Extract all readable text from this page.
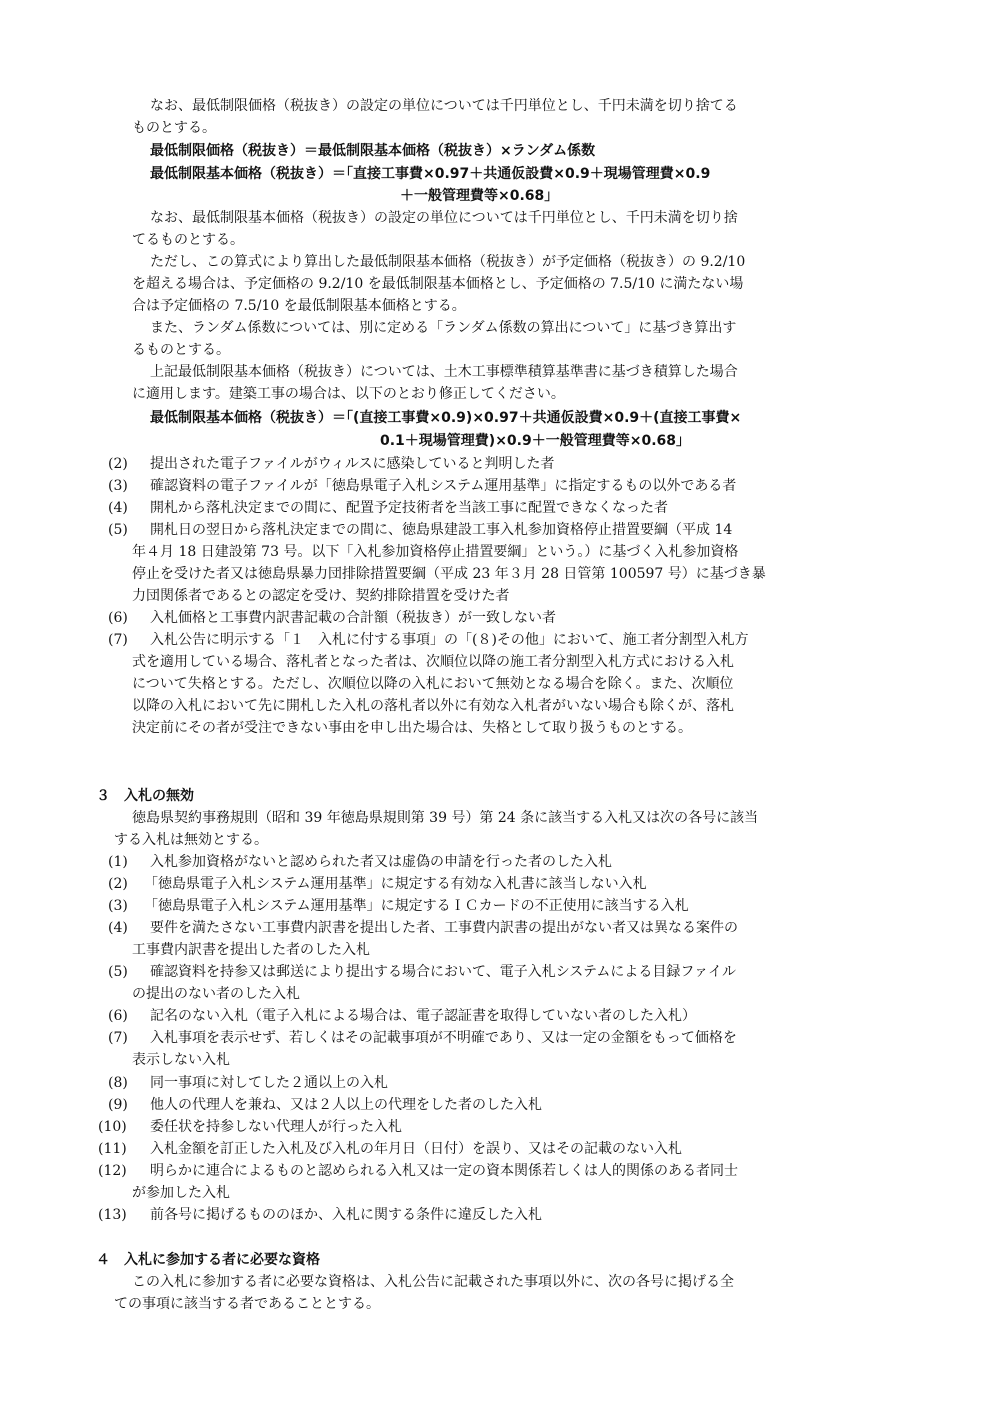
なお、最低制限価格（税抜き）の設定の単位については千円単位とし、千円未満を切り捨てる
ものとする。
最低制限価格（税抜き）＝最低制限基本価格（税抜き）×ランダム係数
最低制限基本価格（税抜き）＝｢直接工事費×0.97＋共通仮設費×0.9＋現場管理費×0.9
＋一般管理費等×0.68｣
なお、最低制限基本価格（税抜き）の設定の単位については千円単位とし、千円未満を切り捨
てるものとする。
ただし、この算式により算出した最低制限基本価格（税抜き）が予定価格（税抜き）の 9.2/10
を超える場合は、予定価格の 9.2/10 を最低制限基本価格とし、予定価格の 7.5/10 に満たない場
合は予定価格の 7.5/10 を最低制限基本価格とする。
また、ランダム係数については、別に定める「ランダム係数の算出について」に基づき算出す
るものとする。
上記最低制限基本価格（税抜き）については、土木工事標準積算基準書に基づき積算した場合
に適用します。建築工事の場合は、以下のとおり修正してください。
最低制限基本価格（税抜き）＝｢(直接工事費×0.9)×0.97＋共通仮設費×0.9＋(直接工事費×
0.1＋現場管理費)×0.9＋一般管理費等×0.68｣
(2) 提出された電子ファイルがウィルスに感染していると判明した者
(3) 確認資料の電子ファイルが「徳島県電子入札システム運用基準」に指定するもの以外である者
(4) 開札から落札決定までの間に、配置予定技術者を当該工事に配置できなくなった者
(5) 開札日の翌日から落札決定までの間に、徳島県建設工事入札参加資格停止措置要綱（平成 14
年４月 18 日建設第 73 号。以下「入札参加資格停止措置要綱」という。）に基づく入札参加資格
停止を受けた者又は徳島県暴力団排除措置要綱（平成 23 年３月 28 日管第 100597 号）に基づき暴
力団関係者であるとの認定を受け、契約排除措置を受けた者
(6) 入札価格と工事費内訳書記載の合計額（税抜き）が一致しない者
(7) 入札公告に明示する「１　入札に付する事項」の「(８)その他」において、施工者分割型入札方
式を適用している場合、落札者となった者は、次順位以降の施工者分割型入札方式における入札
について失格とする。ただし、次順位以降の入札において無効となる場合を除く。また、次順位
以降の入札において先に開札した入札の落札者以外に有効な入札者がいない場合も除くが、落札
決定前にその者が受注できない事由を申し出た場合は、失格として取り扱うものとする。
３　入札の無効
徳島県契約事務規則（昭和 39 年徳島県規則第 39 号）第 24 条に該当する入札又は次の各号に該当
する入札は無効とする。
(1) 入札参加資格がないと認められた者又は虚偽の申請を行った者のした入札
(2) 「徳島県電子入札システム運用基準」に規定する有効な入札書に該当しない入札
(3) 「徳島県電子入札システム運用基準」に規定するＩＣカードの不正使用に該当する入札
(4) 要件を満たさない工事費内訳書を提出した者、工事費内訳書の提出がない者又は異なる案件の
工事費内訳書を提出した者のした入札
(5) 確認資料を持参又は郵送により提出する場合において、電子入札システムによる目録ファイル
の提出のない者のした入札
(6) 記名のない入札（電子入札による場合は、電子認証書を取得していない者のした入札）
(7) 入札事項を表示せず、若しくはその記載事項が不明確であり、又は一定の金額をもって価格を
表示しない入札
(8) 同一事項に対してした２通以上の入札
(9) 他人の代理人を兼ね、又は２人以上の代理をした者のした入札
(10) 委任状を持参しない代理人が行った入札
(11) 入札金額を訂正した入札及び入札の年月日（日付）を誤り、又はその記載のない入札
(12) 明らかに連合によるものと認められる入札又は一定の資本関係若しくは人的関係のある者同士
が参加した入札
(13) 前各号に掲げるもののほか、入札に関する条件に違反した入札
４　入札に参加する者に必要な資格
この入札に参加する者に必要な資格は、入札公告に記載された事項以外に、次の各号に掲げる全
ての事項に該当する者であることとする。
